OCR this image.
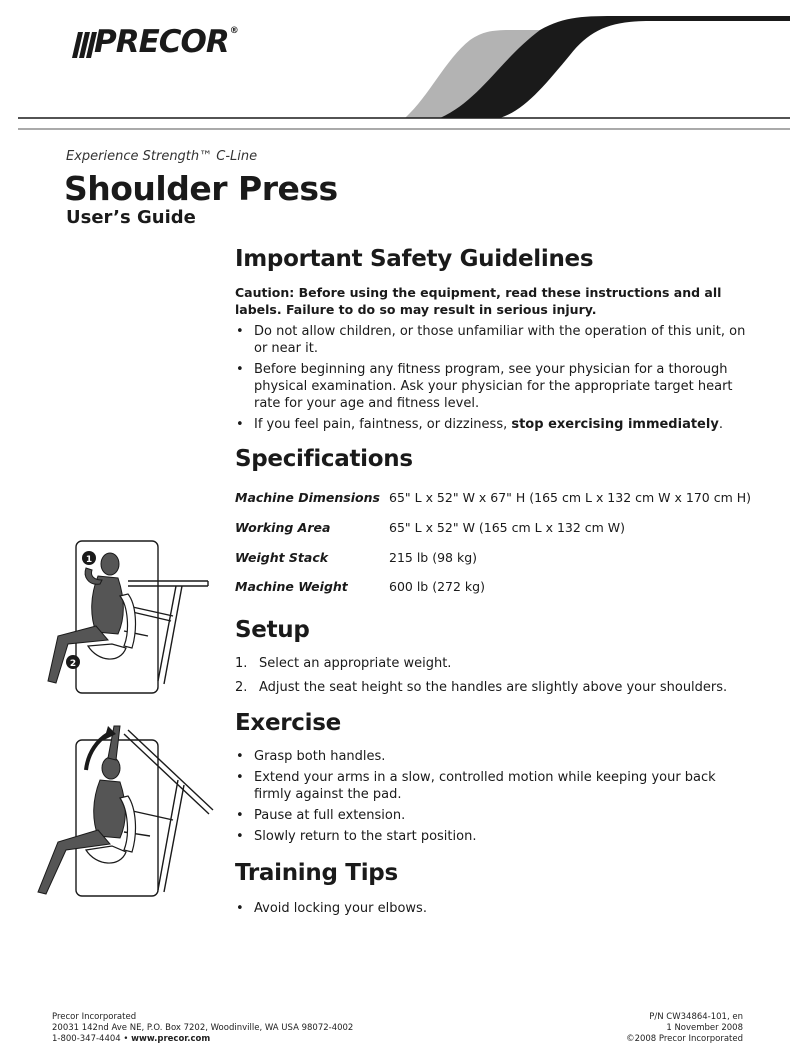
PRECOR®
Experience Strength™ C-Line
Shoulder Press
User’s Guide
Important Safety Guidelines
Caution: Before using the equipment, read these instructions and all labels. Failure to do so may result in serious injury.
• Do not allow children, or those unfamiliar with the operation of this unit, on or near it.
• Before beginning any fitness program, see your physician for a thorough physical examination. Ask your physician for the appropriate target heart rate for your age and fitness level.
• If you feel pain, faintness, or dizziness, stop exercising immediately.
Specifications
Machine Dimensions 65" L x 52" W x 67" H (165 cm L x 132 cm W x 170 cm H)
Working Area	65" L x 52" W (165 cm L x 132 cm W)
Weight Stack	215 lb (98 kg)
Machine Weight	600 lb (272 kg)
Setup
1. Select an appropriate weight.
2. Adjust the seat height so the handles are slightly above your shoulders.
Exercise
• Grasp both handles.
• Extend your arms in a slow, controlled motion while keeping your back firmly against the pad.
• Pause at full extension.
• Slowly return to the start position.
Training Tips
• Avoid locking your elbows.
1
2
Precor Incorporated
20031 142nd Ave NE, P.O. Box 7202, Woodinville, WA USA 98072-4002
1-800-347-4404 • www.precor.com
P/N CW34864-101, en
1 November 2008
©2008 Precor Incorporated
